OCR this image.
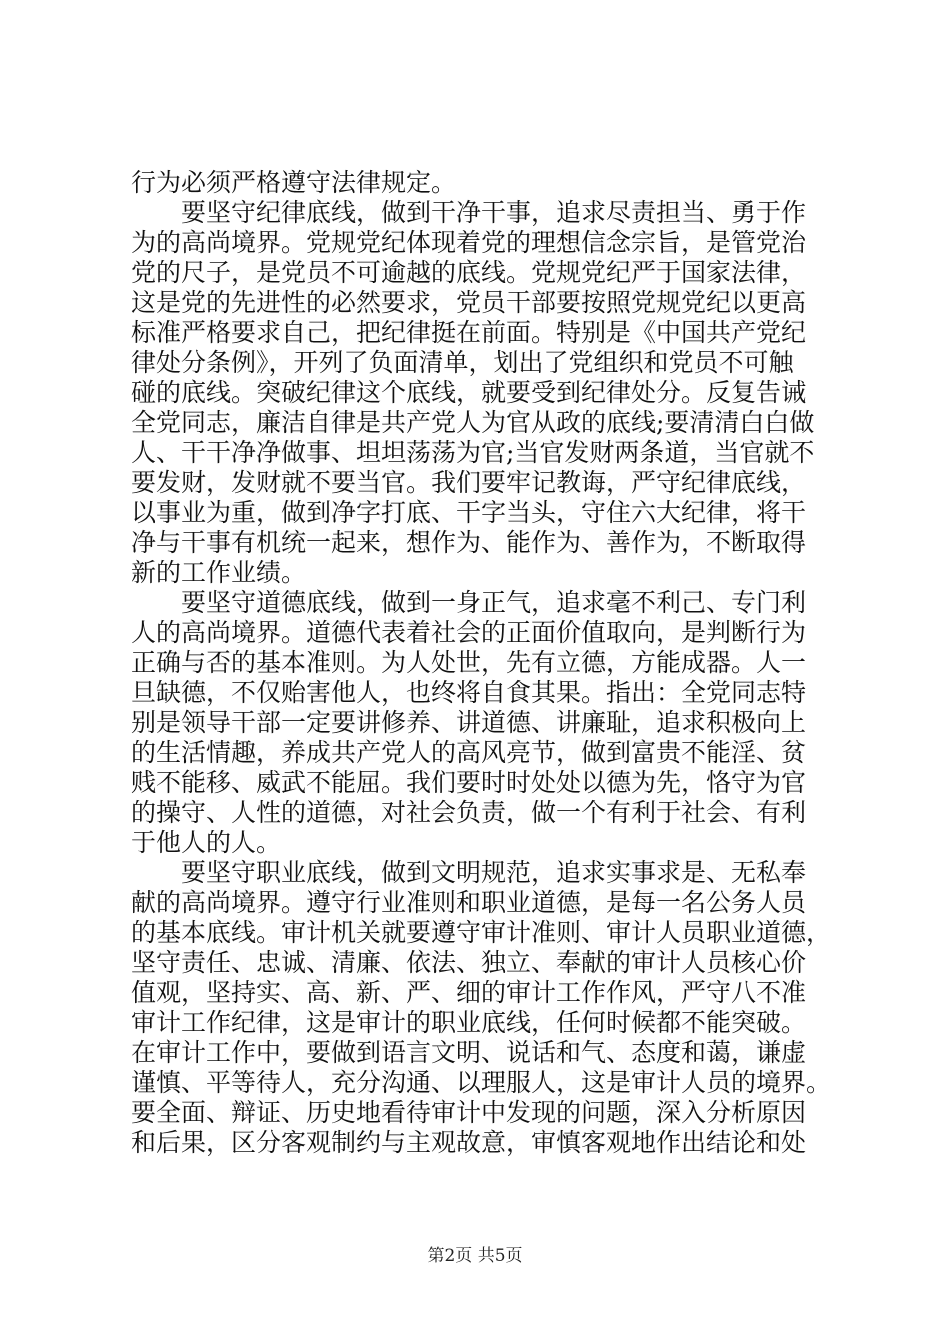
行为必须严格遵守法律规定。
　　要坚守纪律底线，做到干净干事，追求尽责担当、勇于作
为的高尚境界。党规党纪体现着党的理想信念宗旨，是管党治
党的尺子，是党员不可逾越的底线。党规党纪严于国家法律，
这是党的先进性的必然要求，党员干部要按照党规党纪以更高
标准严格要求自己，把纪律挺在前面。特别是《中国共产党纪
律处分条例》，开列了负面清单，划出了党组织和党员不可触
碰的底线。突破纪律这个底线，就要受到纪律处分。反复告诫
全党同志，廉洁自律是共产党人为官从政的底线;要清清白白做
人、干干净净做事、坦坦荡荡为官;当官发财两条道，当官就不
要发财，发财就不要当官。我们要牢记教诲，严守纪律底线，
以事业为重，做到净字打底、干字当头，守住六大纪律，将干
净与干事有机统一起来，想作为、能作为、善作为，不断取得
新的工作业绩。
　　要坚守道德底线，做到一身正气，追求毫不利己、专门利
人的高尚境界。道德代表着社会的正面价值取向，是判断行为
正确与否的基本准则。为人处世，先有立德，方能成器。人一
旦缺德，不仅贻害他人，也终将自食其果。指出：全党同志特
别是领导干部一定要讲修养、讲道德、讲廉耻，追求积极向上
的生活情趣，养成共产党人的高风亮节，做到富贵不能淫、贫
贱不能移、威武不能屈。我们要时时处处以德为先，恪守为官
的操守、人性的道德，对社会负责，做一个有利于社会、有利
于他人的人。
　　要坚守职业底线，做到文明规范，追求实事求是、无私奉
献的高尚境界。遵守行业准则和职业道德，是每一名公务人员
的基本底线。审计机关就要遵守审计准则、审计人员职业道德，
坚守责任、忠诚、清廉、依法、独立、奉献的审计人员核心价
值观，坚持实、高、新、严、细的审计工作作风，严守八不准
审计工作纪律，这是审计的职业底线，任何时候都不能突破。
在审计工作中，要做到语言文明、说话和气、态度和蔼，谦虚
谨慎、平等待人，充分沟通、以理服人，这是审计人员的境界。
要全面、辩证、历史地看待审计中发现的问题，深入分析原因
和后果，区分客观制约与主观故意，审慎客观地作出结论和处
第2页 共5页
